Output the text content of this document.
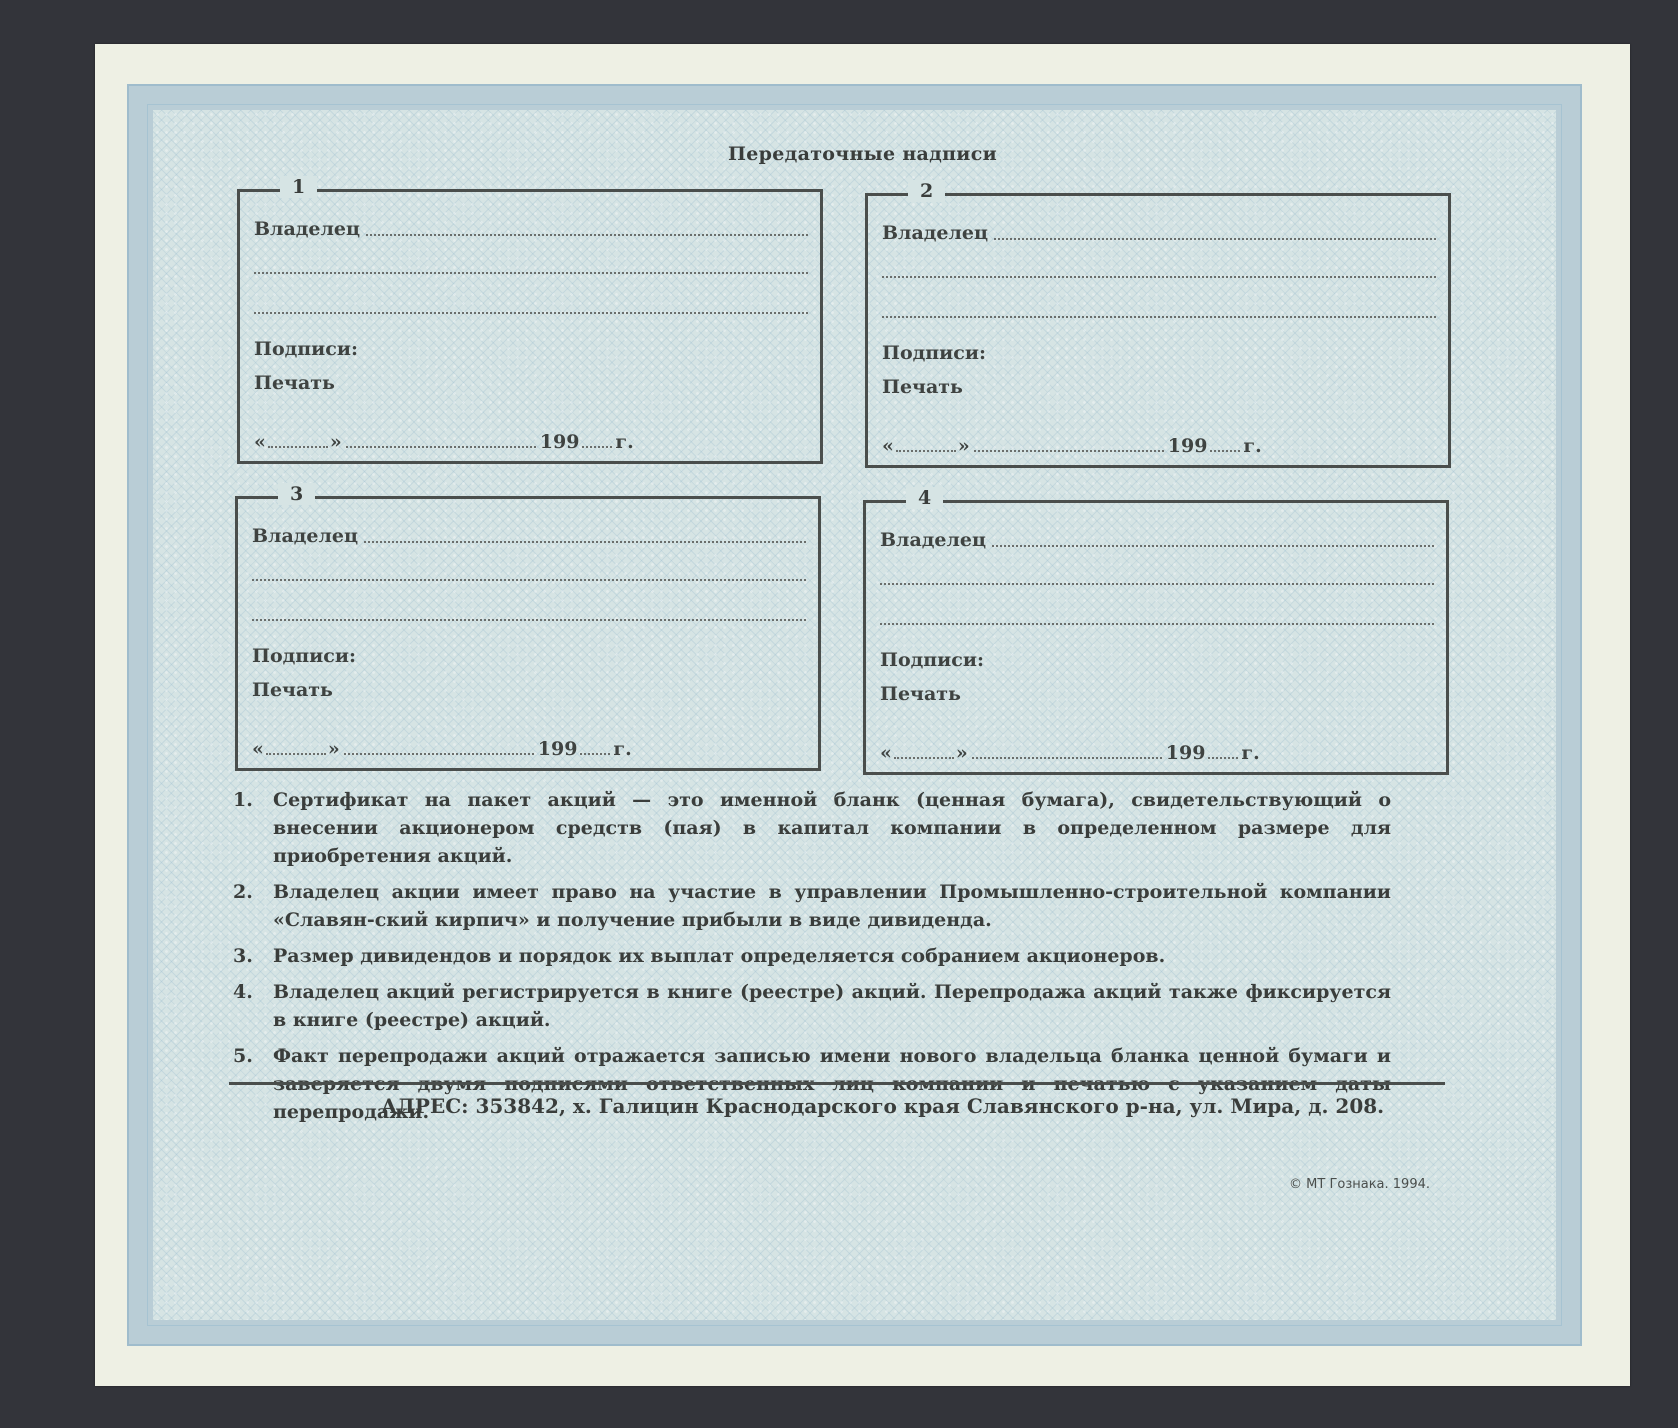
Передаточные надписи
1
Владелец
Подписи:
Печать
«	»	199 г.
2
Владелец
Подписи:
Печать
«	»	199 г.
3
Владелец
Подписи:
Печать
«	»	199 г.
4
Владелец
Подписи:
Печать
«	»	199 г.
1.	Сертификат на пакет акций — это именной бланк (ценная бумага), свидетельствующий о внесении акционером средств (пая) в капитал компании в определенном размере для приобретения акций.
2.	Владелец акции имеет право на участие в управлении Промышленно-строительной компании «Славян-ский кирпич» и получение прибыли в виде дивиденда.
3.	Размер дивидендов и порядок их выплат определяется собранием акционеров.
4.	Владелец акций регистрируется в книге (реестре) акций. Перепродажа акций также фиксируется в книге (реестре) акций.
5.	Факт перепродажи акций отражается записью имени нового владельца бланка ценной бумаги и заверяется двумя подписями ответственных лиц компании и печатью с указанием даты перепродажи.
АДРЕС: 353842, х. Галицин Краснодарского края Славянского р-на, ул. Мира, д. 208.
© МТ Гознака. 1994.
